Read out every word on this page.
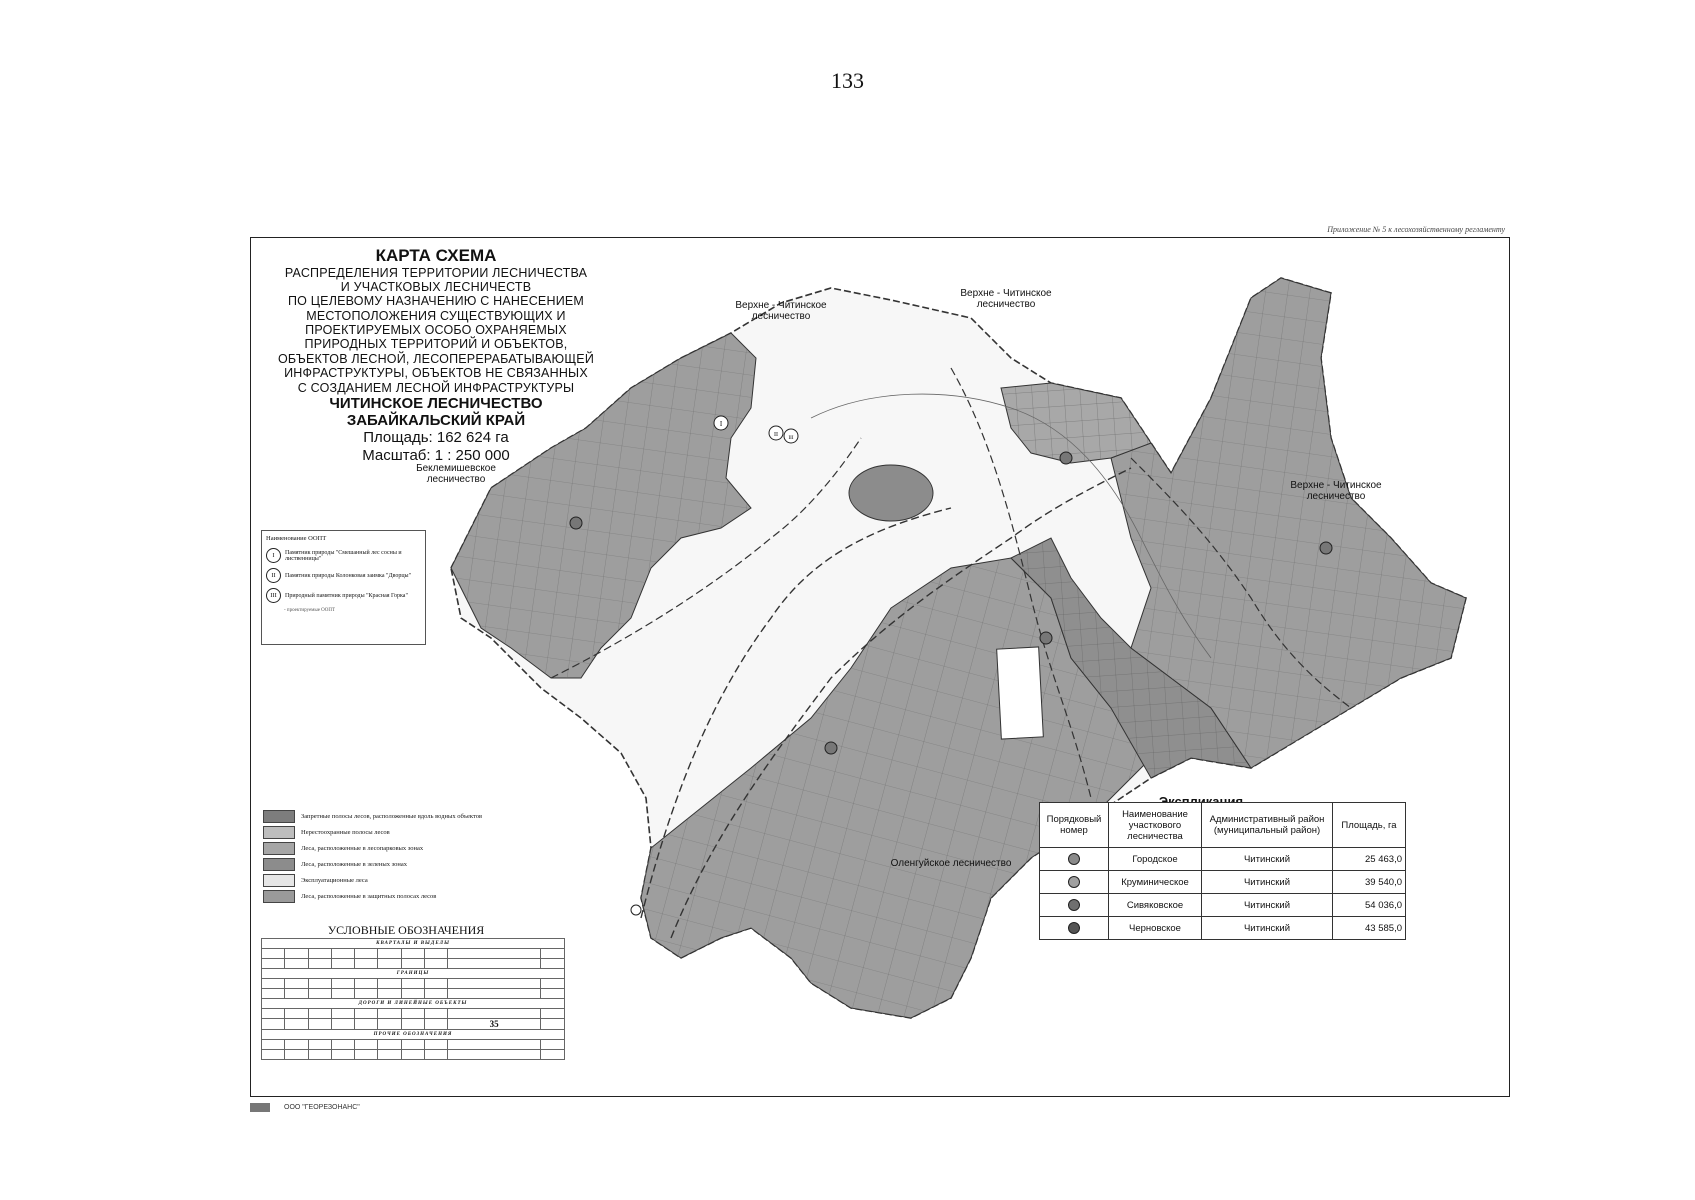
133
Приложение № 5 к лесохозяйственному регламенту
I
II
III
КАРТА СХЕМА
РАСПРЕДЕЛЕНИЯ ТЕРРИТОРИИ ЛЕСНИЧЕСТВА
И УЧАСТКОВЫХ ЛЕСНИЧЕСТВ
ПО ЦЕЛЕВОМУ НАЗНАЧЕНИЮ С НАНЕСЕНИЕМ
МЕСТОПОЛОЖЕНИЯ СУЩЕСТВУЮЩИХ И
ПРОЕКТИРУЕМЫХ ОСОБО ОХРАНЯЕМЫХ
ПРИРОДНЫХ ТЕРРИТОРИЙ И ОБЪЕКТОВ,
ОБЪЕКТОВ ЛЕСНОЙ, ЛЕСОПЕРЕРАБАТЫВАЮЩЕЙ
ИНФРАСТРУКТУРЫ, ОБЪЕКТОВ НЕ СВЯЗАННЫХ
С СОЗДАНИЕМ ЛЕСНОЙ ИНФРАСТРУКТУРЫ
ЧИТИНСКОЕ ЛЕСНИЧЕСТВО
ЗАБАЙКАЛЬСКИЙ КРАЙ
Площадь: 162 624 га
Масштаб: 1 : 250 000
Верхне - Читинское
лесничество
Верхне - Читинское
лесничество
Верхне - Читинское
лесничество
Беклемишевское
лесничество
Оленгуйское лесничество
Наименование ООПТ
I	Памятник природы "Смешанный лес сосны и лиственницы"
II	Памятник природы Колонковая заимка "Дворцы"
III	Природный памятник природы "Красная Горка"
- проектируемые ООПТ
Запретные полосы лесов, расположенные вдоль водных объектов
Нерестоохранные полосы лесов
Леса, расположенные в лесопарковых зонах
Леса, расположенные в зеленых зонах
Эксплуатационные леса
Леса, расположенные в защитных полосах лесов
УСЛОВНЫЕ ОБОЗНАЧЕНИЯ
КВАРТАЛЫ И ВЫДЕЛЫ									

ГРАНИЦЫ									

ДОРОГИ И ЛИНЕЙНЫЕ ОБЪЕКТЫ									

								35	
ПРОЧИЕ ОБОЗНАЧЕНИЯ									

Порядковый номер	Наименование участкового лесничества	Административный район (муниципальный район)	Площадь, га
	Городское	Читинский	25 463,0
	Круминическое	Читинский	39 540,0
	Сивяковское	Читинский	54 036,0
	Черновское	Читинский	43 585,0
ООО "ГЕОРЕЗОНАНС"
